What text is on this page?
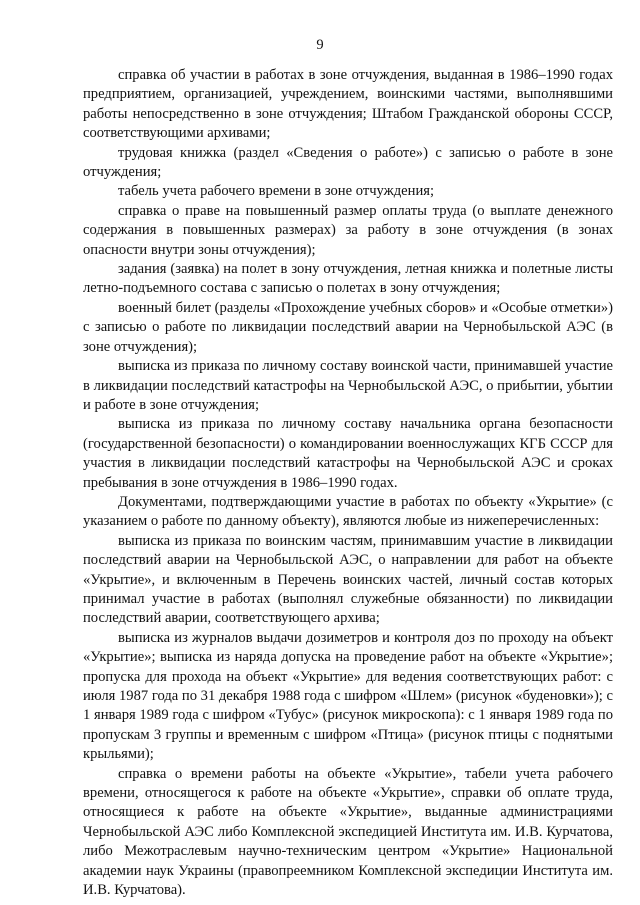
9

справка об участии в работах в зоне отчуждения, выданная в 1986–1990 годах предприятием, организацией, учреждением, воинскими частями, выполнявшими работы непосредственно в зоне отчуждения; Штабом Гражданской обороны СССР, соответствующими архивами;

трудовая книжка (раздел «Сведения о работе») с записью о работе в зоне отчуждения;

табель учета рабочего времени в зоне отчуждения;

справка о праве на повышенный размер оплаты труда (о выплате денежного содержания в повышенных размерах) за работу в зоне отчуждения (в зонах опасности внутри зоны отчуждения);

задания (заявка) на полет в зону отчуждения, летная книжка и полетные листы летно-подъемного состава с записью о полетах в зону отчуждения;

военный билет (разделы «Прохождение учебных сборов» и «Особые отметки») с записью о работе по ликвидации последствий аварии на Чернобыльской АЭС (в зоне отчуждения);

выписка из приказа по личному составу воинской части, принимавшей участие в ликвидации последствий катастрофы на Чернобыльской АЭС, о прибытии, убытии и работе в зоне отчуждения;

выписка из приказа по личному составу начальника органа безопасности (государственной безопасности) о командировании военнослужащих КГБ СССР для участия в ликвидации последствий катастрофы на Чернобыльской АЭС и сроках пребывания в зоне отчуждения в 1986–1990 годах.

Документами, подтверждающими участие в работах по объекту «Укрытие» (с указанием о работе по данному объекту), являются любые из нижеперечисленных:

выписка из приказа по воинским частям, принимавшим участие в ликвидации последствий аварии на Чернобыльской АЭС, о направлении для работ на объекте «Укрытие», и включенным в Перечень воинских частей, личный состав которых принимал участие в работах (выполнял служебные обязанности) по ликвидации последствий аварии, соответствующего архива;

выписка из журналов выдачи дозиметров и контроля доз по проходу на объект «Укрытие»; выписка из наряда допуска на проведение работ на объекте «Укрытие»; пропуска для прохода на объект «Укрытие» для ведения соответствующих работ: с июля 1987 года по 31 декабря 1988 года с шифром «Шлем» (рисунок «буденовки»); с 1 января 1989 года с шифром «Тубус» (рисунок микроскопа): с 1 января 1989 года по пропускам 3 группы и временным с шифром «Птица» (рисунок птицы с поднятыми крыльями);

справка о времени работы на объекте «Укрытие», табели учета рабочего времени, относящегося к работе на объекте «Укрытие», справки об оплате труда, относящиеся к работе на объекте «Укрытие», выданные администрациями Чернобыльской АЭС либо Комплексной экспедицией Института им. И.В. Курчатова, либо Межотраслевым научно-техническим центром «Укрытие» Национальной академии наук Украины (правопреемником Комплексной экспедиции Института им. И.В. Курчатова).
